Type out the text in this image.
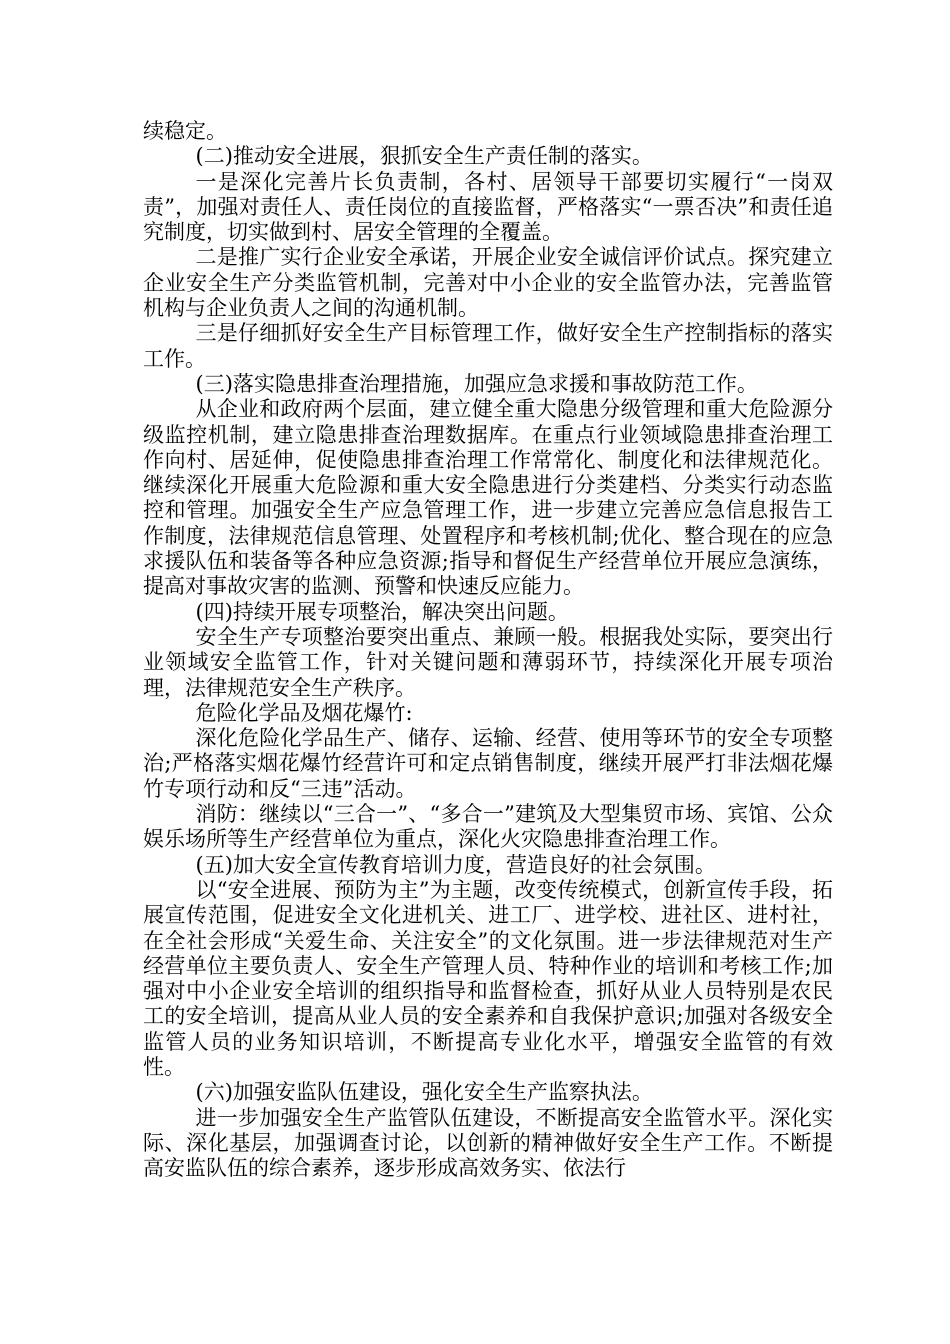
续稳定。

(二)推动安全进展，狠抓安全生产责任制的落实。

一是深化完善片长负责制，各村、居领导干部要切实履行“一岗双责”，加强对责任人、责任岗位的直接监督，严格落实“一票否决”和责任追究制度，切实做到村、居安全管理的全覆盖。

二是推广实行企业安全承诺，开展企业安全诚信评价试点。探究建立企业安全生产分类监管机制，完善对中小企业的安全监管办法，完善监管机构与企业负责人之间的沟通机制。

三是仔细抓好安全生产目标管理工作，做好安全生产控制指标的落实工作。

(三)落实隐患排查治理措施，加强应急求援和事故防范工作。

从企业和政府两个层面，建立健全重大隐患分级管理和重大危险源分级监控机制，建立隐患排查治理数据库。在重点行业领域隐患排查治理工作向村、居延伸，促使隐患排查治理工作常常化、制度化和法律规范化。继续深化开展重大危险源和重大安全隐患进行分类建档、分类实行动态监控和管理。加强安全生产应急管理工作，进一步建立完善应急信息报告工作制度，法律规范信息管理、处置程序和考核机制;优化、整合现在的应急求援队伍和装备等各种应急资源;指导和督促生产经营单位开展应急演练，提高对事故灾害的监测、预警和快速反应能力。

(四)持续开展专项整治，解决突出问题。

安全生产专项整治要突出重点、兼顾一般。根据我处实际，要突出行业领域安全监管工作，针对关键问题和薄弱环节，持续深化开展专项治理，法律规范安全生产秩序。

危险化学品及烟花爆竹:

深化危险化学品生产、储存、运输、经营、使用等环节的安全专项整治;严格落实烟花爆竹经营许可和定点销售制度，继续开展严打非法烟花爆竹专项行动和反“三违”活动。

消防：继续以“三合一”、“多合一”建筑及大型集贸市场、宾馆、公众娱乐场所等生产经营单位为重点，深化火灾隐患排查治理工作。

(五)加大安全宣传教育培训力度，营造良好的社会氛围。

以“安全进展、预防为主”为主题，改变传统模式，创新宣传手段，拓展宣传范围，促进安全文化进机关、进工厂、进学校、进社区、进村社，在全社会形成“关爱生命、关注安全”的文化氛围。进一步法律规范对生产经营单位主要负责人、安全生产管理人员、特种作业的培训和考核工作;加强对中小企业安全培训的组织指导和监督检查，抓好从业人员特别是农民工的安全培训，提高从业人员的安全素养和自我保护意识;加强对各级安全监管人员的业务知识培训，不断提高专业化水平，增强安全监管的有效性。

(六)加强安监队伍建设，强化安全生产监察执法。

进一步加强安全生产监管队伍建设，不断提高安全监管水平。深化实际、深化基层，加强调查讨论，以创新的精神做好安全生产工作。不断提高安监队伍的综合素养，逐步形成高效务实、依法行
